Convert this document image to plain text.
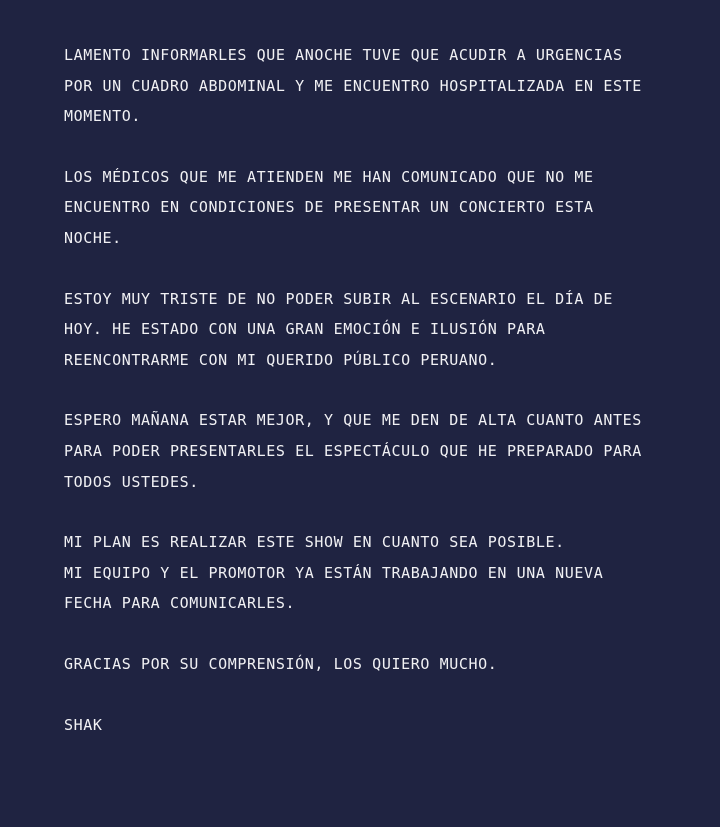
LAMENTO INFORMARLES QUE ANOCHE TUVE QUE ACUDIR A URGENCIAS
POR UN CUADRO ABDOMINAL Y ME ENCUENTRO HOSPITALIZADA EN ESTE
MOMENTO.
LOS MÉDICOS QUE ME ATIENDEN ME HAN COMUNICADO QUE NO ME
ENCUENTRO EN CONDICIONES DE PRESENTAR UN CONCIERTO ESTA
NOCHE.
ESTOY MUY TRISTE DE NO PODER SUBIR AL ESCENARIO EL DÍA DE
HOY. HE ESTADO CON UNA GRAN EMOCIÓN E ILUSIÓN PARA
REENCONTRARME CON MI QUERIDO PÚBLICO PERUANO.
ESPERO MAÑANA ESTAR MEJOR, Y QUE ME DEN DE ALTA CUANTO ANTES
PARA PODER PRESENTARLES EL ESPECTÁCULO QUE HE PREPARADO PARA
TODOS USTEDES.
MI PLAN ES REALIZAR ESTE SHOW EN CUANTO SEA POSIBLE.
MI EQUIPO Y EL PROMOTOR YA ESTÁN TRABAJANDO EN UNA NUEVA
FECHA PARA COMUNICARLES.
GRACIAS POR SU COMPRENSIÓN, LOS QUIERO MUCHO.
SHAK
